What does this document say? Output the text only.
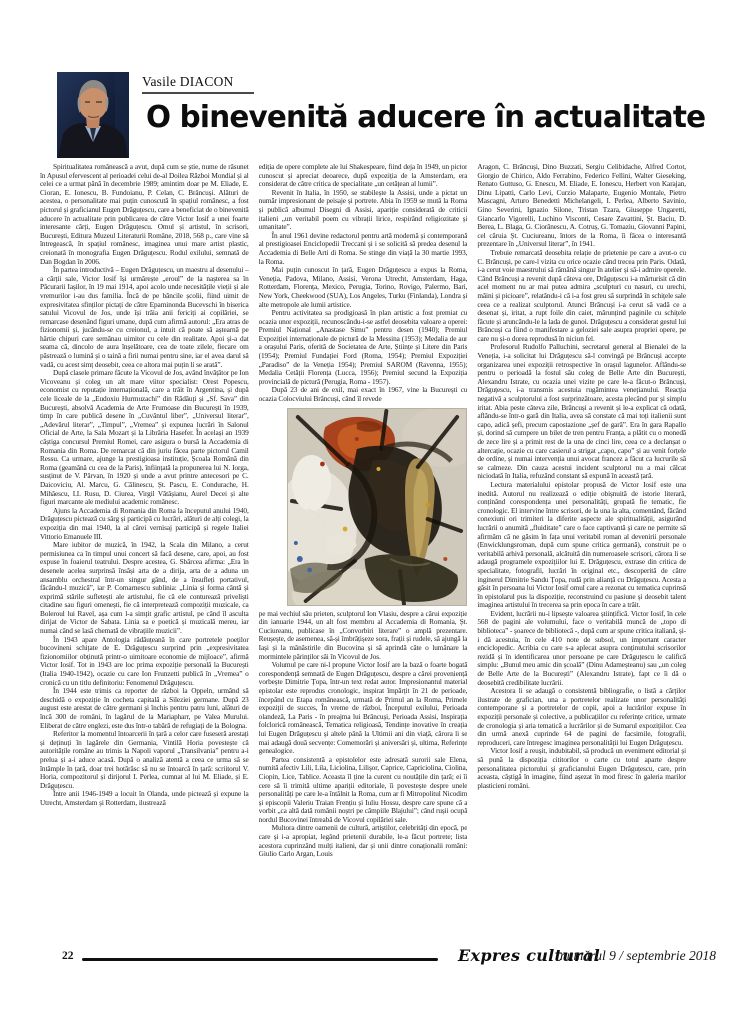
Vasile DIACON
O binevenită aducere în actualitate

Spiritualitatea românească a avut, după cum se știe, nume de răsunet în Apusul efervescent al perioadei celui de-al Doilea Război Mondial și al celei ce a urmat până în decembrie 1989; amintim doar pe M. Eliade, E. Cioran, E. Ionescu, B. Fundoianu, P. Celan, C. Brâncuși. Alături de acestea, o personalitate mai puțin cunoscută în spațiul românesc, a fost pictorul și graficianul Eugen Drăguțescu, care a beneficiat de o binevenită aducere în actualitate prin publicarea de către Victor Iosif a unei foarte interesante cărți, Eugen Drăguțescu. Omul și artistul, în scrisori, București, Editura Muzeul Literaturii Române, 2018, 568 p., care vine să întregească, în spațiul românesc, imaginea unui mare artist plastic, creionată în monografia Eugen Drăguțescu. Rodul exilului, semnată de Dan Bogdan în 2006.

În partea introductivă – Eugen Drăguțescu, un maestru al desenului – a cărții sale, Victor Iosif își urmărește „eroul” de la nașterea sa în Păcurarii Iașilor, în 19 mai 1914, apoi acolo unde necesitățile vieții și ale vremurilor i-au dus familia. Încă de pe băncile școlii, fiind uimit de expresivitatea sfinților pictați de către Epaminonda Bucevschi în biserica satului Vicovul de Jos, unde își trăia anii fericiți ai copilăriei, se remarcase desenând figuri umane, după cum afirmă autorul: „Era atras de fizionomii și, jucându-se cu creionul, a intuit că poate să aștearnă pe hârtie chipuri care semănau uimitor cu cele din realitate. Apoi și-a dat seama că, dincolo de aura înșelătoare, cea de toate zilele, fiecare om păstrează o lumină și o taină a firii numai pentru sine, iar el avea darul să vadă, cu acest simț deosebit, ceea ce altora mai puțin li se arată”.

După clasele primare făcute la Vicovul de Jos, având învățător pe Ion Vicoveanu și coleg un alt mare viitor specialist: Orest Popescu, economist cu reputație internațională, care a trăit în Argentina, și după cele liceale de la „Eudoxiu Hurmuzachi” din Rădăuți și „Sf. Sava” din București, absolvă Academia de Arte Frumoase din București în 1939, timp în care publică desene în „Cuvântul liber”, „Universul literar”, „Adevărul literar”, „Timpul”, „Vremea” și expunea lucrări în Salonul Oficial de Arte, la Sala Mozart și la Librăria Hasefer. În același an 1939 câștiga concursul Premiul Romei, care asigura o bursă la Accademia di Romania din Roma. De remarcat că din juriu făcea parte pictorul Camil Ressu. Ca urmare, ajunge la prestigioasa instituție, Școala Română din Roma (geamănă cu cea de la Paris), înființată la propunerea lui N. Iorga, susținut de V. Pârvan, în 1920 și unde a avut printre antecesori pe C. Daicoviciu, Al. Marcu, G. Călinescu, Șt. Pascu, E. Condurache, H. Mihăescu, I.I. Rusu, D. Ciurea, Virgil Vătășianu, Aurel Decei și alte figuri marcante ale mediului academic românesc.

Ajuns la Accademia di Romania din Roma la începutul anului 1940, Drăguțescu pictează cu sârg și participă cu lucrări, alături de alți colegi, la expoziția din mai 1940, la al cărei vernisaj participă și regele Italiei Vittorio Emanuele III.

Mare iubitor de muzică, în 1942, la Scala din Milano, a cerut permisiunea ca în timpul unui concert să facă desene, care, apoi, au fost expuse în foaierul teatrului. Despre acestea, G. Sbârcea afirma: „Era în desenele acelea surprinsă însăși arta de a dirija, arta de a aduna un ansamblu orchestral într-un singur gând, de a însufleți portativul, făcându-l muzică”, iar P. Comarnescu sublinia: „Linia și forma cântă și exprimă stările sufletești ale artistului, fie că ele conturează priveliști citadine sau figuri omenești, fie că interpretează compoziții muzicale, ca Boleroul lui Ravel, așa cum l-a simțit grafic artistul, pe când îl asculta dirijat de Victor de Sabata. Linia sa e poetică și muzicală mereu, iar numai când se lasă chemată de vibrațiile muzicii”.

În 1943 apare Antologia rădăuțeană în care portretele poeților bucovineni schițate de E. Drăguțescu surprind prin „expresivitatea fizionomiilor obținută printr-o uimitoare economie de mijloace”, afirmă Victor Iosif. Tot in 1943 are loc prima expoziție personală la București (Italia 1940-1942), ocazie cu care Ion Frunzetti publică în „Vremea” o cronică cu un titlu definitoriu: Fenomenul Drăguțescu.

În 1944 este trimis ca reporter de război la Oppeln, urmând să deschidă o expoziție în cocheta capitală a Sileziei germane. După 23 august este arestat de către germani și închis pentru patru luni, alături de încă 300 de români, în lagărul de la Mariapharr, pe Valea Murului. Eliberat de către englezi, este dus într-o tabără de refugiați de la Bologna.

Referitor la momentul întoarcerii în țară a celor care fuseseră arestați și deținuți în lagărele din Germania, Vintilă Horia povestește că autoritățile române au trimis la Napoli vaporul „Transilvania” pentru a-i prelua și a-i aduce acasă. După o analiză atentă a ceea ce urma să se întâmple în țară, doar trei hotărăsc să nu se întoarcă în țară: scriitorul V. Horia, compozitorul și dirijorul I. Perlea, cumnat al lui M. Eliade, și E. Drăguțescu.

Între anii 1946-1949 a locuit în Olanda, unde pictează și expune la Utrecht, Amsterdam și Rotterdam, ilustrează

ediția de opere complete ale lui Shakespeare, fiind deja în 1949, un pictor cunoscut și apreciat deoarece, după expoziția de la Amsterdam, era considerat de către critica de specialitate „un cetățean al lumii”.

Revenit în Italia, în 1950, se stabilește la Assisi, unde a pictat un număr impresionant de peisaje și portrete. Abia în 1959 se mută la Roma și publică albumul Disegni di Assisi, apariție considerată de criticii italieni „un veritabil poem cu vibrații lirice, respirând religiozitate și umanitate”.

În anul 1961 devine redactorul pentru artă modernă și contemporană al prestigioasei Enciclopedii Treccani și i se solicită să predea desenul la Accademia di Belle Arti di Roma. Se stinge din viață la 30 martie 1993, la Roma.

Mai puțin cunoscut în țară, Eugen Drăguțescu a expus la Roma, Veneția, Padova, Milano, Assisi, Verona Utrecht, Amsterdam, Haga, Rotterdam, Florența, Mexico, Perugia, Torino, Rovigo, Palermo, Bari, New York, Cheekwood (SUA), Los Angeles, Turku (Finlanda), Londra și alte metropole ale lumii artistice.

Pentru activitatea sa prodigioasă în plan artistic a fost premiat cu ocazia unor expoziții, recunoscându-i-se astfel deosebita valoare a operei: Premiul Național „Anastase Simu” pentru desen (1940); Premiul Expoziției internaționale de pictură de la Messina (1953); Medalia de aur a orașului Paris, oferită de Societatea de Arte, Științe și Litere din Paris (1954); Premiul Fundației Ford (Roma, 1954); Premiul Expoziției „Paradiso” de la Veneția 1954); Premiul SAROM (Ravenna, 1955); Medalia Cetății Florența (Lucca, 1956); Premiul secund la Expoziția provincială de pictură (Perugia, Roma - 1957).

După 23 de ani de exil, mai exact în 1967, vine la București cu ocazia Colocviului Brâncuși, când îl revede

pe mai vechiul său prieten, sculptorul Ion Vlasiu, despre a cărui expoziție din ianuarie 1944, un alt fost membru al Accademia di Romania, Șt. Cuciureanu, publicase în „Convorbiri literare” o amplă prezentare. Reușește, de asemenea, să-și îmbrățișeze sora, frații și rudele, să ajungă la Iași și la mănăstirile din Bucovina și să aprindă câte o lumânare la mormintele părinților săi în Vicovul de Jos.

Volumul pe care ni-l propune Victor Iosif are la bază o foarte bogată corespondență semnată de Eugen Drăguțescu, despre a cărei proveniență vorbește Dimitrie Țopa, într-un text redat autor. Impresionantul material epistolar este reprodus cronologic, inspirat împărțit în 21 de perioade, începând cu Etapa românească, urmată de Primul an la Roma, Primele expoziții de succes, În vreme de război, Începutul exilului, Perioada olandeză, La Paris - în preajma lui Brâncuși, Perioada Assisi, Inspirația folclorică românească, Tematica religioasă, Tendințe inovative în creația lui Eugen Drăguțescu și altele până la Ultimii ani din viață, cărora li se mai adaugă două secvențe: Comemorări și aniversări și, ultima, Referințe genealogice.

Partea consistentă a epistolelor este adresată surorii sale Elena, numită afectiv Lili, Lila, Liciolina, Lilișor, Caprice, Capriciolina, Ciolina, Ciopin, Lice, Tablice. Aceasta îl ține la curent cu noutățile din țară; ei îi cere să îi trimită ultime apariții editoriale, îi povestește despre unele personalități pe care le-a întâlnit la Roma, cum ar fi Mitropolitul Nicodim și episcopii Valeriu Traian Frențiu și Iuliu Hossu, despre care spune că a vorbit „ca altă dată românii noștri pe câmpiile Blajului”; când rușii ocupă nordul Bucovinei întreabă de Vicovul copilăriei sale.

Multora dintre oamenii de cultură, artiștilor, celebrități din epocă, pe care și i-a apropiat, legând prietenii durabile, le-a făcut portrete; lista acestora cuprinzând mulți italieni, dar și unii dintre conaționalii români: Giulio Carlo Argan, Louis

Aragon, C. Brâncuși, Dino Buzzati, Sergiu Celibidache, Alfred Cortot, Giorgio de Chirico, Aldo Ferrabino, Federico Fellini, Walter Gieseking, Renato Guttuso, G. Enescu, M. Eliade, E. Ionescu, Herbert von Karajan, Dinu Lipatti, Carlo Levi, Curzio Malaparte, Eugenio Montale, Pietro Mascagni, Arturo Benedetti Michelangeli, I. Perlea, Alberto Savinio, Gino Severini, Ignazio Silone, Tristan Tzara, Giuseppe Ungaretti, Giancarlo Vigorelli, Luchino Visconti, Cesare Zavattini, Șt. Baciu, D. Berea, L. Blaga, G. Ciorănescu, A. Cotruș, G. Tomaziu, Giovanni Papini, cel căruia Șt. Cuciureanu, întors de la Roma, îi făcea o interesantă prezentare în „Universul literar”, în 1941.

Trebuie remarcată deosebita relație de prietenie pe care a avut-o cu C. Brâncuși, pe care-l vizita cu orice ocazie când trecea prin Paris. Odată, i-a cerut voie maestrului să rămână singur în atelier și să-i admire operele. Când Brâncuși a revenit după câteva ore, Drăguțescu i-a mărturisit că din acel moment nu ar mai putea admira „sculpturi cu nasuri, cu urechi, mâini și picioare”, relatându-i că i-a fost greu să surprindă în schițele sale ceea ce a realizat sculptorul. Atunci Brâncuși i-a cerut să vadă ce a desenat și, iritat, a rupt foile din caiet, mărunțind paginile cu schițele făcute și aruncându-le la lada de gunoi. Drăguțescu a considerat gestul lui Brâncuși ca fiind o manifestare a geloziei sale asupra propriei opere, pe care nu și-o dorea reprodusă în niciun fel.

Profesorul Rudolfo Palluchini, secretarul general al Bienalei de la Veneția, i-a solicitat lui Drăguțescu să-l convingă pe Brâncuși accepte organizarea unei expoziții retrospective în orașul lagunelor. Aflându-se pentru o perioadă la fostul său coleg de Belle Arte din București, Alexandru Istrate, cu ocazia unei vizite pe care le-a făcut-o Brâncuși, Drăguțescu, i-a transmis acestuia rugămintea venețianului. Reacția negativă a sculptorului a fost surprinzătoare, acesta plecând pur și simplu iritat. Abia peste câteva zile, Brâncuși a revenit și le-a explicat că odată, aflându-se într-o gară din Italia, avea să constate că mai toți italienii sunt capo, adică șefi, precum capostazione „șef de gară”. Era în gara Rapallo și, dorind să cumpere un bilet de tren pentru Franța, a plătit cu o monedă de zece lire și a primit rest de la una de cinci lire, ceea ce a declanșat o altercație, ocazie cu care casierul a strigat „capo, capo” și au venit forțele de ordine, și numai intervenția unui avocat francez a făcut ca lucrurile să se calmeze. Din cauza acestui incident sculptorul nu a mai călcat niciodată în Italia, refuzând constant să expună în această țară.

Lectura materialului epistolar propusă de Victor Iosif este una inedită. Autorul nu realizează o ediție obișnuită de istorie literară, conținând corespondența unei personalități, grupată fie tematic, fie cronologic. El intervine între scrisori, de la una la alta, comentând, făcând conexiuni ori trimiteri la diferite aspecte ale spiritualității, asigurând lucrării o anumită „fluiditate” care o face captivantă și care ne permite să afirmăm că ne găsim în fața unui veritabil roman al devenirii personale (Enwicklungsroman, după cum spune critica germană), construit pe o veritabilă arhivă personală, alcătuită din numeroasele scrisori, cărora li se adaugă programele expozițiilor lui E. Drăguțescu, extrase din critica de specialitate, fotografii, lucrări în original etc., descoperită de către inginerul Dimitrie Sandu Țopa, rudă prin alianță cu Drăguțescu. Acesta a găsit în persoana lui Victor Iosif omul care a rezonat cu tematica cuprinsă în epistolarul pus la dispoziție, reconstruind cu pasiune și deosebit talent imaginea artistului în trecerea sa prin epoca în care a trăit.

Evident, lucrării nu-i lipsește valoarea științifică. Victor Iosif, în cele 568 de pagini ale volumului, face o veritabilă muncă de „topo di biblioteca” - șoarece de bibliotecă -, după cum ar spune critica italiană, și-i dă acestuia, în cele 410 note de subsol, un important caracter enciclopedic. Acribia cu care s-a aplecat asupra conținutului scrisorilor rezidă și în identificarea unor persoane pe care Drăguțescu le califică simplu: „Bunul meu amic din școală” (Dinu Adameșteanu) sau „un coleg de Belle Arte de la București” (Alexandru Istrate), fapt ce îi dă o deosebită credibilitate lucrării.

Acestora li se adaugă o consistentă bibliografie, o listă a cărților ilustrate de grafician, una a portretelor realizate unor personalități contemporane și a portretelor de copii, apoi a lucrărilor expuse în expoziții personale și colective, a publicațiilor cu referințe critice, urmate de cronologia și aria tematică a lucrărilor și de Sumarul expozițiilor. Cea din urmă anexă cuprinde 64 de pagini de facsimile, fotografii, reproduceri, care întregesc imaginea personalității lui Eugen Drăguțescu.

Victor Iosif a reușit, indubitabil, să producă un eveniment editorial și să pună la dispoziția cititorilor o carte cu totul aparte despre personalitatea pictorului și graficianului Eugen Drăguțescu, care, prin aceasta, câștigă în imagine, fiind așezat în mod firesc în galeria marilor plasticieni români.

22	Expres cultural
numărul 9 / septembrie 2018
